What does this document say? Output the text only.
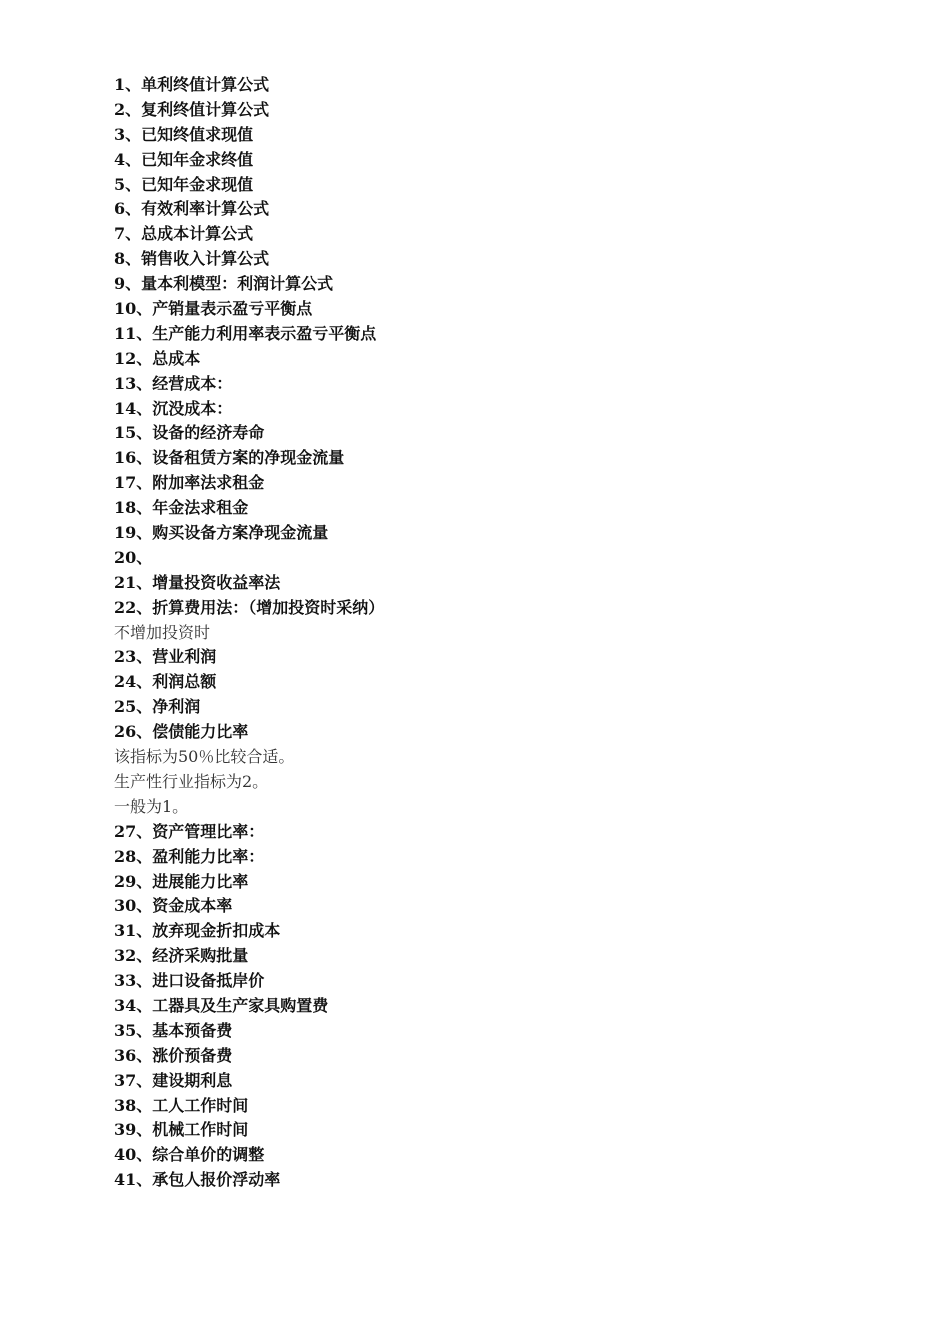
1、单利终值计算公式
2、复利终值计算公式
3、已知终值求现值
4、已知年金求终值
5、已知年金求现值
6、有效利率计算公式
7、总成本计算公式
8、销售收入计算公式
9、量本利模型：利润计算公式
10、产销量表示盈亏平衡点
11、生产能力利用率表示盈亏平衡点
12、总成本
13、经营成本：
14、沉没成本：
15、设备的经济寿命
16、设备租赁方案的净现金流量
17、附加率法求租金
18、年金法求租金
19、购买设备方案净现金流量
20、
21、增量投资收益率法
22、折算费用法：（增加投资时采纳）
不增加投资时
23、营业利润
24、利润总额
25、净利润
26、偿债能力比率
该指标为50％比较合适。
生产性行业指标为2。
一般为1。
27、资产管理比率：
28、盈利能力比率：
29、进展能力比率
30、资金成本率
31、放弃现金折扣成本
32、经济采购批量
33、进口设备抵岸价
34、工器具及生产家具购置费
35、基本预备费
36、涨价预备费
37、建设期利息
38、工人工作时间
39、机械工作时间
40、综合单价的调整
41、承包人报价浮动率
